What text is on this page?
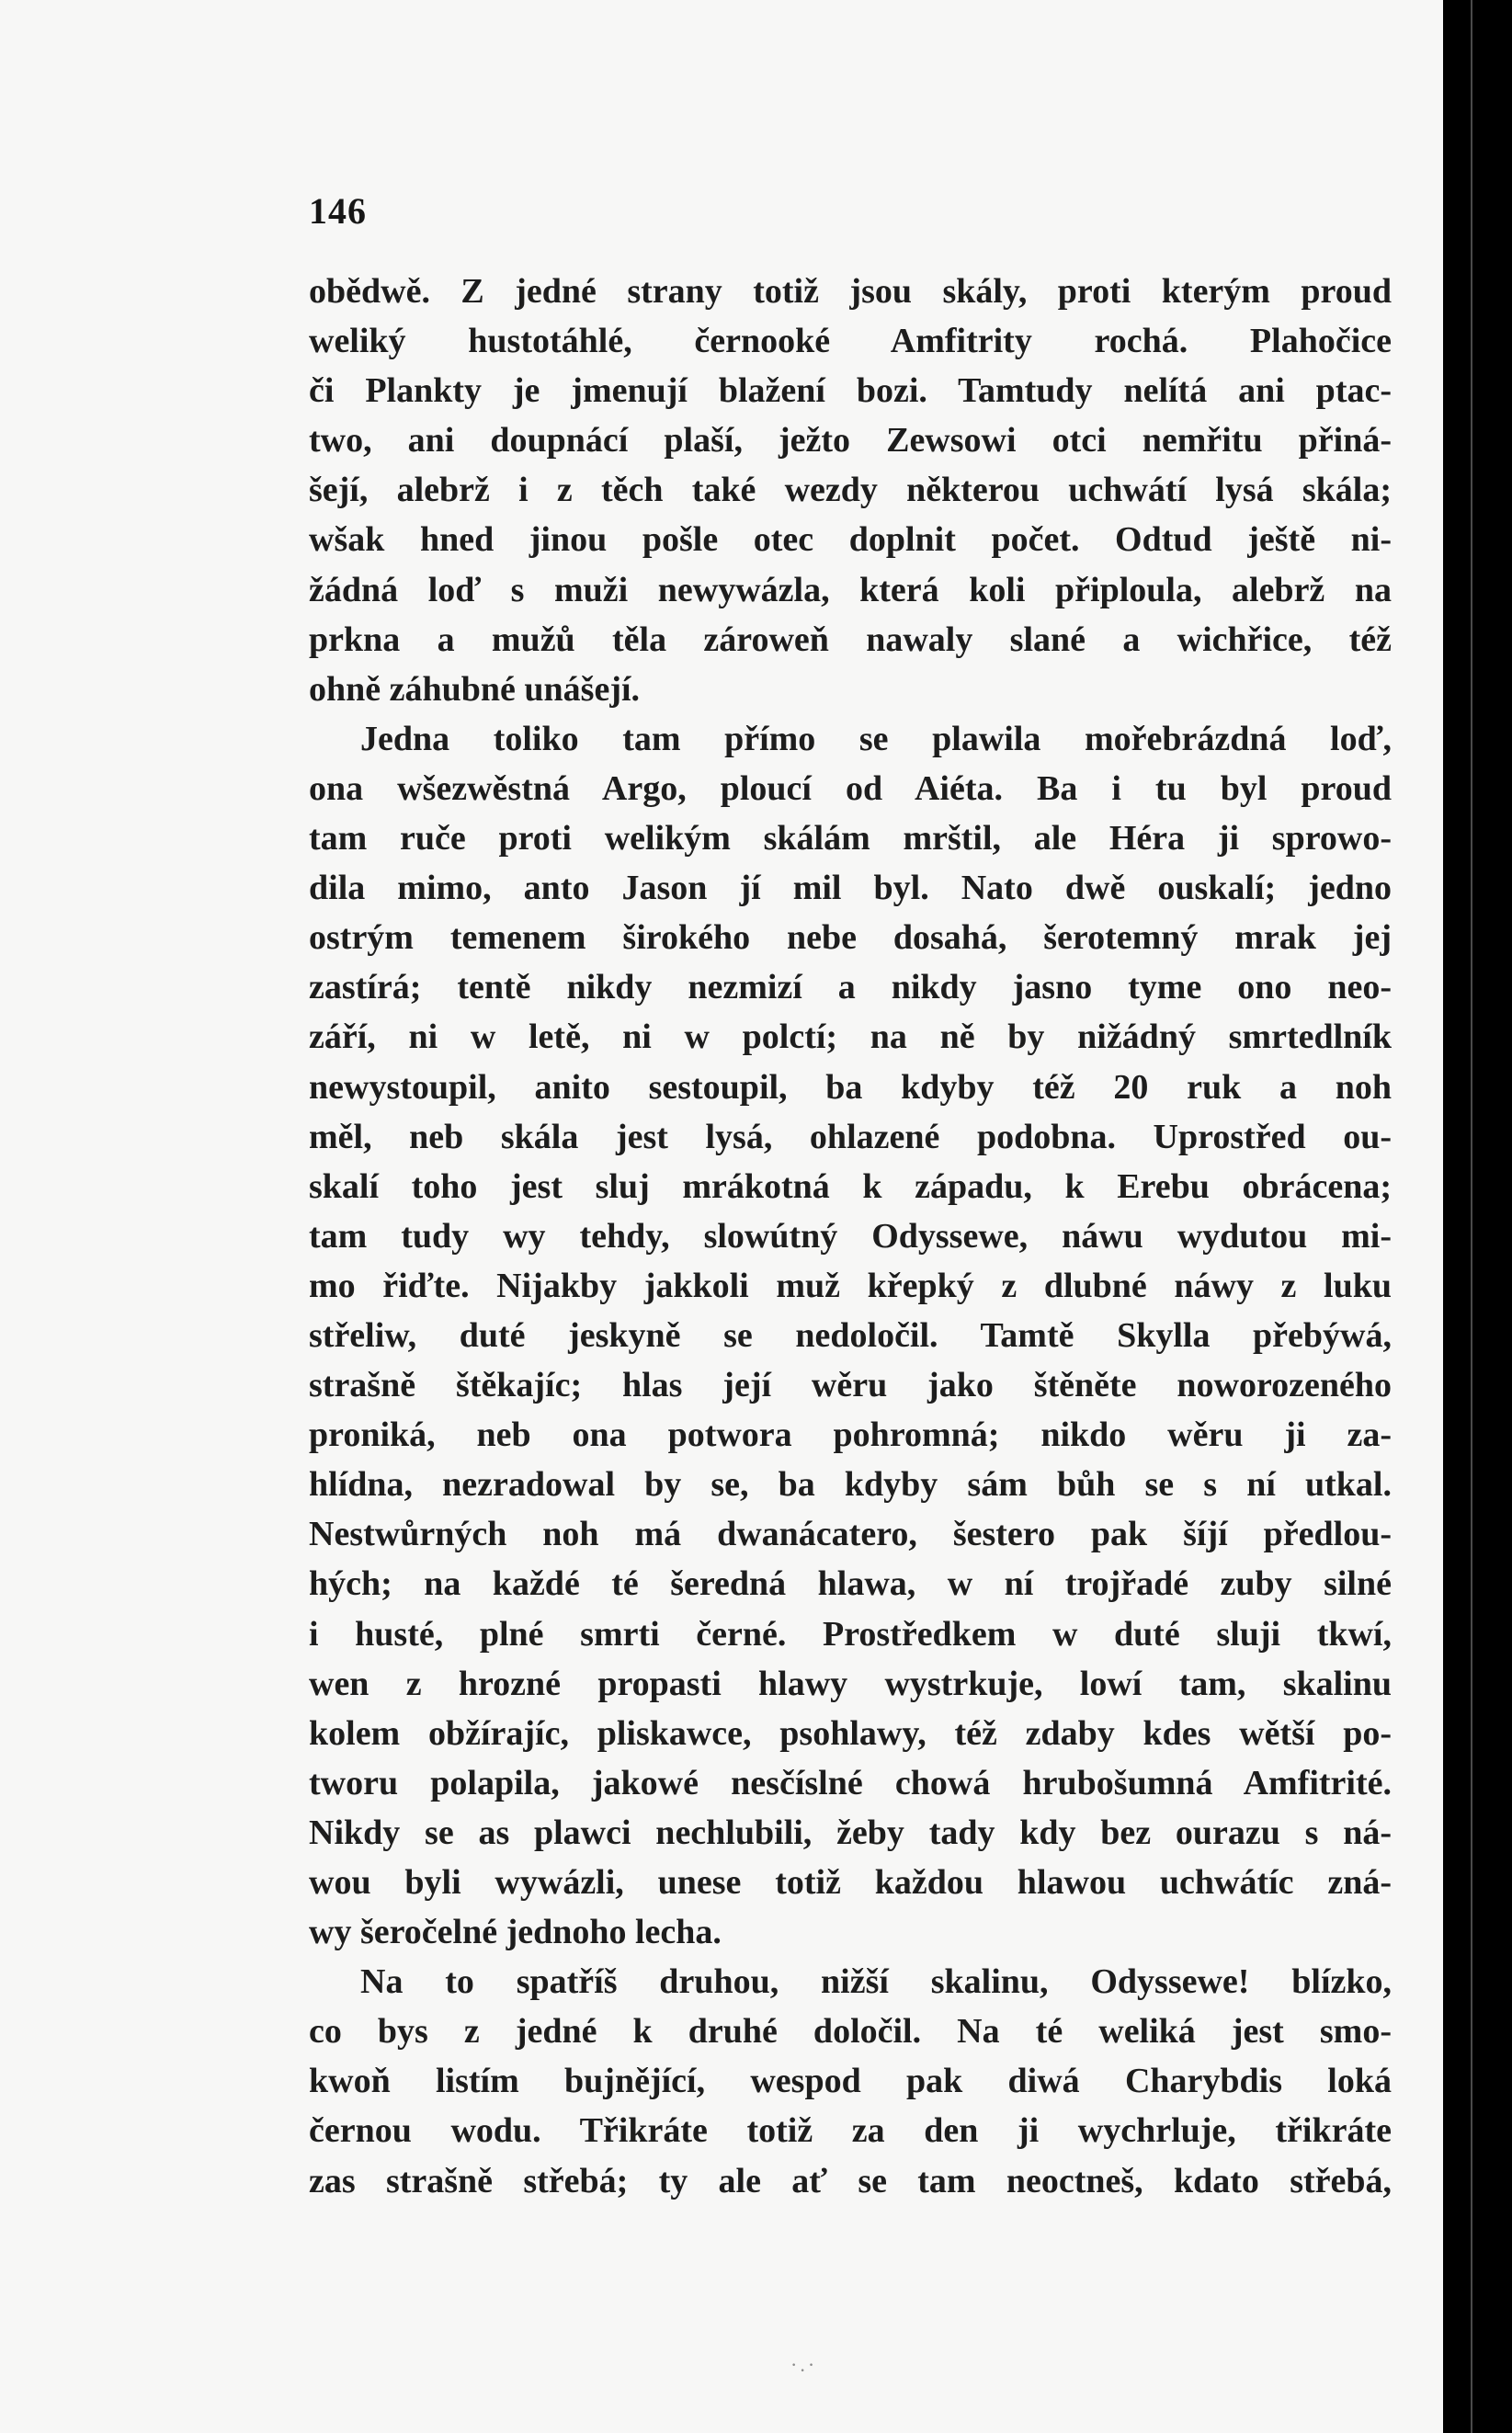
146
obědwě. Z jedné strany totiž jsou skály, proti kterým proud
weliký hustotáhlé, černooké Amfitrity rochá. Plahočice
či Plankty je jmenují blažení bozi. Tamtudy nelítá ani ptac-
two, ani doupnácí plaší, ježto Zewsowi otci nemřitu přiná-
šejí, alebrž i z těch také wezdy některou uchwátí lysá skála;
wšak hned jinou pošle otec doplnit počet. Odtud ještě ni-
žádná loď s muži newywázla, která koli připloula, alebrž na
prkna a mužů těla zároweň nawaly slané a wichřice, též
ohně záhubné unášejí.
Jedna toliko tam přímo se plawila mořebrázdná loď,
ona wšezwěstná Argo, ploucí od Aiéta. Ba i tu byl proud
tam ruče proti welikým skálám mrštil, ale Héra ji sprowo-
dila mimo, anto Jason jí mil byl. Nato dwě ouskalí; jedno
ostrým temenem širokého nebe dosahá, šerotemný mrak jej
zastírá; tentě nikdy nezmizí a nikdy jasno tyme ono neo-
září, ni w letě, ni w polctí; na ně by nižádný smrtedlník
newystoupil, anito sestoupil, ba kdyby též 20 ruk a noh
měl, neb skála jest lysá, ohlazené podobna. Uprostřed ou-
skalí toho jest sluj mrákotná k západu, k Erebu obrácena;
tam tudy wy tehdy, slowútný Odyssewe, náwu wydutou mi-
mo řiďte. Nijakby jakkoli muž křepký z dlubné náwy z luku
střeliw, duté jeskyně se nedoločil. Tamtě Skylla přebýwá,
strašně štěkajíc; hlas její wěru jako štěněte noworozeného
proniká, neb ona potwora pohromná; nikdo wěru ji za-
hlídna, nezradowal by se, ba kdyby sám bůh se s ní utkal.
Nestwůrných noh má dwanácatero, šestero pak šíjí předlou-
hých; na každé té šeredná hlawa, w ní trojřadé zuby silné
i husté, plné smrti černé. Prostředkem w duté sluji tkwí,
wen z hrozné propasti hlawy wystrkuje, lowí tam, skalinu
kolem obžírajíc, pliskawce, psohlawy, též zdaby kdes wětší po-
tworu polapila, jakowé nesčíslné chowá hrubošumná Amfitrité.
Nikdy se as plawci nechlubili, žeby tady kdy bez ourazu s ná-
wou byli wywázli, unese totiž každou hlawou uchwátíc zná-
wy šeročelné jednoho lecha.
Na to spatříš druhou, nižší skalinu, Odyssewe! blízko,
co bys z jedné k druhé določil. Na té weliká jest smo-
kwoň listím bujnějící, wespod pak diwá Charybdis loká
černou wodu. Třikráte totiž za den ji wychrluje, třikráte
zas strašně střebá; ty ale ať se tam neoctneš, kdato střebá,
·.·
